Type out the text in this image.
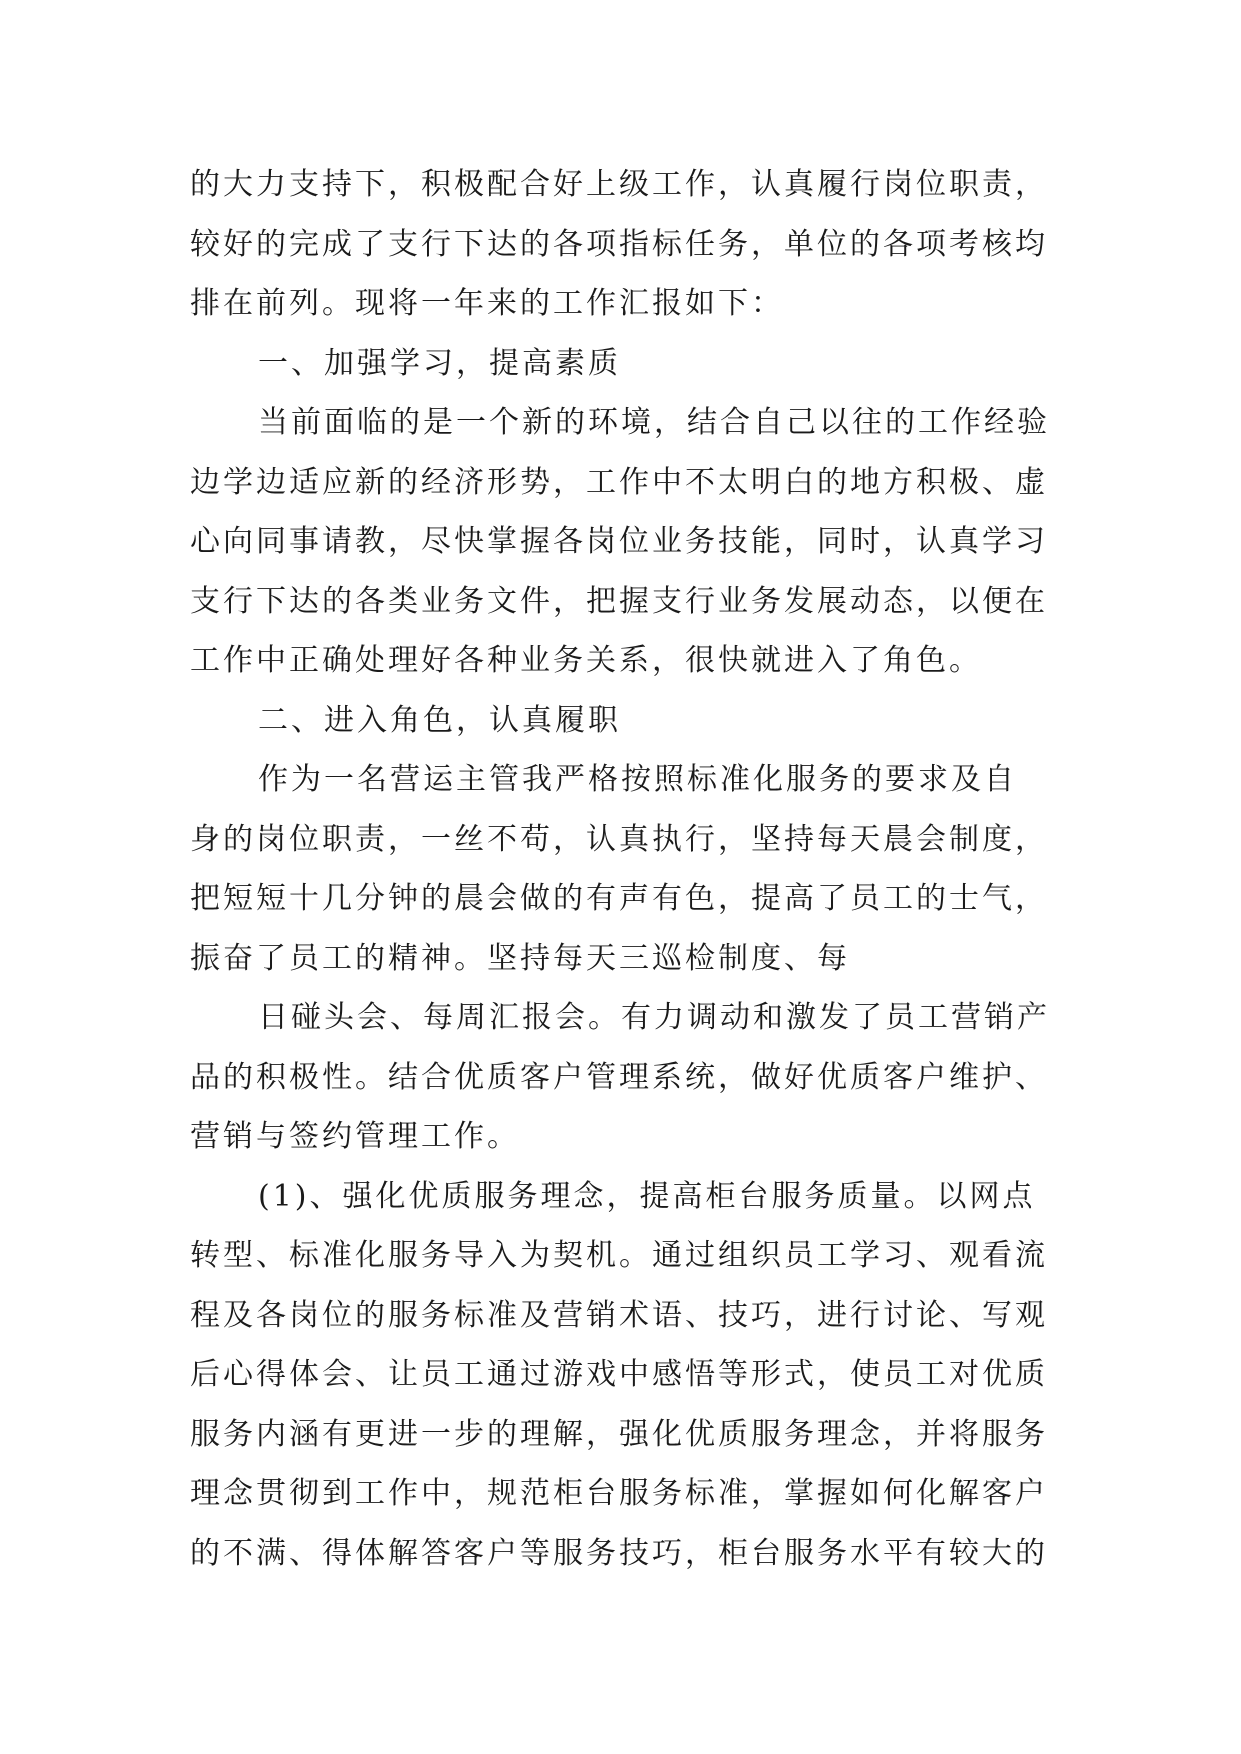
的大力支持下，积极配合好上级工作，认真履行岗位职责，
较好的完成了支行下达的各项指标任务，单位的各项考核均
排在前列。现将一年来的工作汇报如下：
一、加强学习，提高素质
当前面临的是一个新的环境，结合自己以往的工作经验
边学边适应新的经济形势，工作中不太明白的地方积极、虚
心向同事请教，尽快掌握各岗位业务技能，同时，认真学习
支行下达的各类业务文件，把握支行业务发展动态，以便在
工作中正确处理好各种业务关系，很快就进入了角色。
二、进入角色，认真履职
作为一名营运主管我严格按照标准化服务的要求及自
身的岗位职责，一丝不苟，认真执行，坚持每天晨会制度，
把短短十几分钟的晨会做的有声有色，提高了员工的士气，
振奋了员工的精神。坚持每天三巡检制度、每
日碰头会、每周汇报会。有力调动和激发了员工营销产
品的积极性。结合优质客户管理系统，做好优质客户维护、
营销与签约管理工作。
(1)、强化优质服务理念，提高柜台服务质量。以网点
转型、标准化服务导入为契机。通过组织员工学习、观看流
程及各岗位的服务标准及营销术语、技巧，进行讨论、写观
后心得体会、让员工通过游戏中感悟等形式，使员工对优质
服务内涵有更进一步的理解，强化优质服务理念，并将服务
理念贯彻到工作中，规范柜台服务标准，掌握如何化解客户
的不满、得体解答客户等服务技巧，柜台服务水平有较大的
